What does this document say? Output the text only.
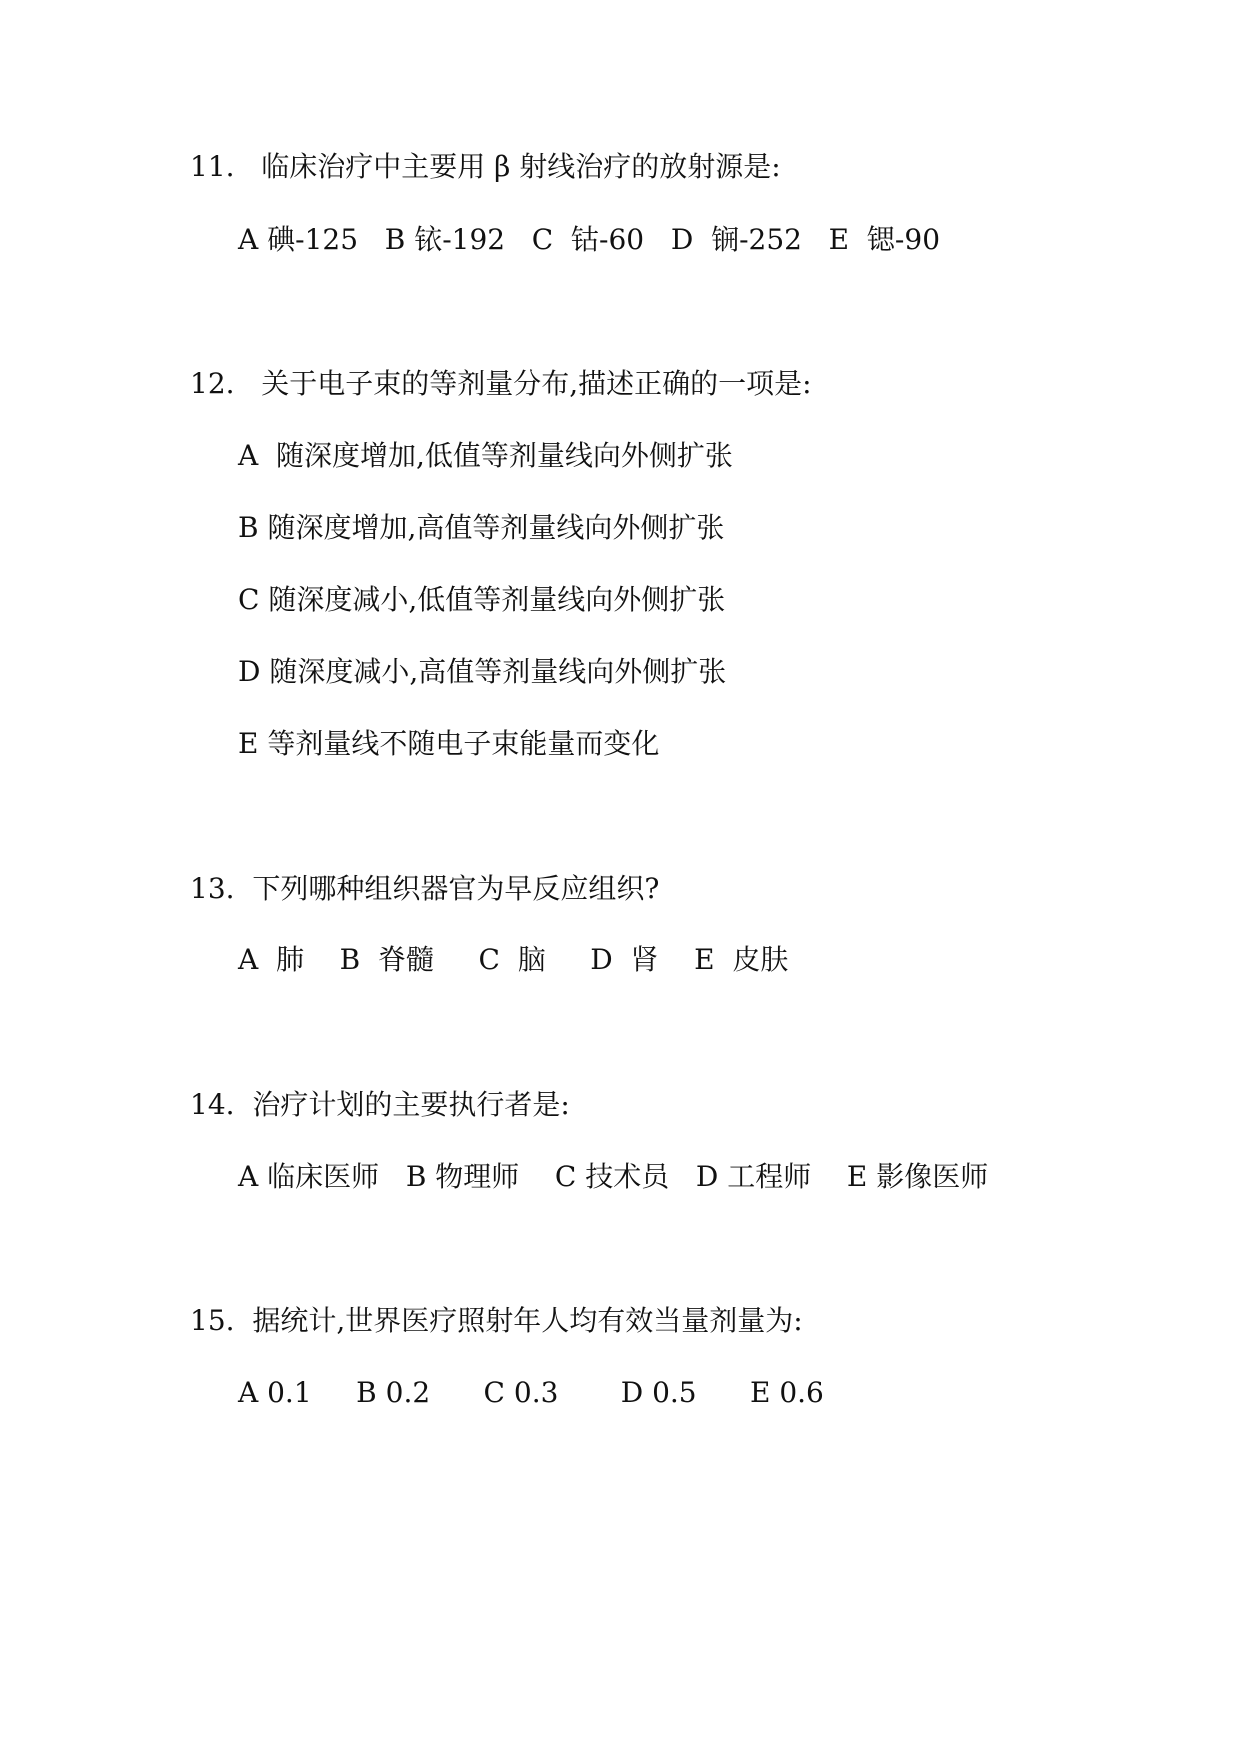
11.   临床治疗中主要用 β 射线治疗的放射源是:
A 碘-125   B 铱-192   C  钴-60   D  锎-252   E  锶-90
12.   关于电子束的等剂量分布,描述正确的一项是:
A  随深度增加,低值等剂量线向外侧扩张
B 随深度增加,高值等剂量线向外侧扩张
C 随深度减小,低值等剂量线向外侧扩张
D 随深度减小,高值等剂量线向外侧扩张
E 等剂量线不随电子束能量而变化
13.  下列哪种组织器官为早反应组织?
A  肺    B  脊髓     C  脑     D  肾    E  皮肤
14.  治疗计划的主要执行者是:
A 临床医师   B 物理师    C 技术员   D 工程师    E 影像医师
15.  据统计,世界医疗照射年人均有效当量剂量为:
A 0.1     B 0.2      C 0.3       D 0.5      E 0.6
